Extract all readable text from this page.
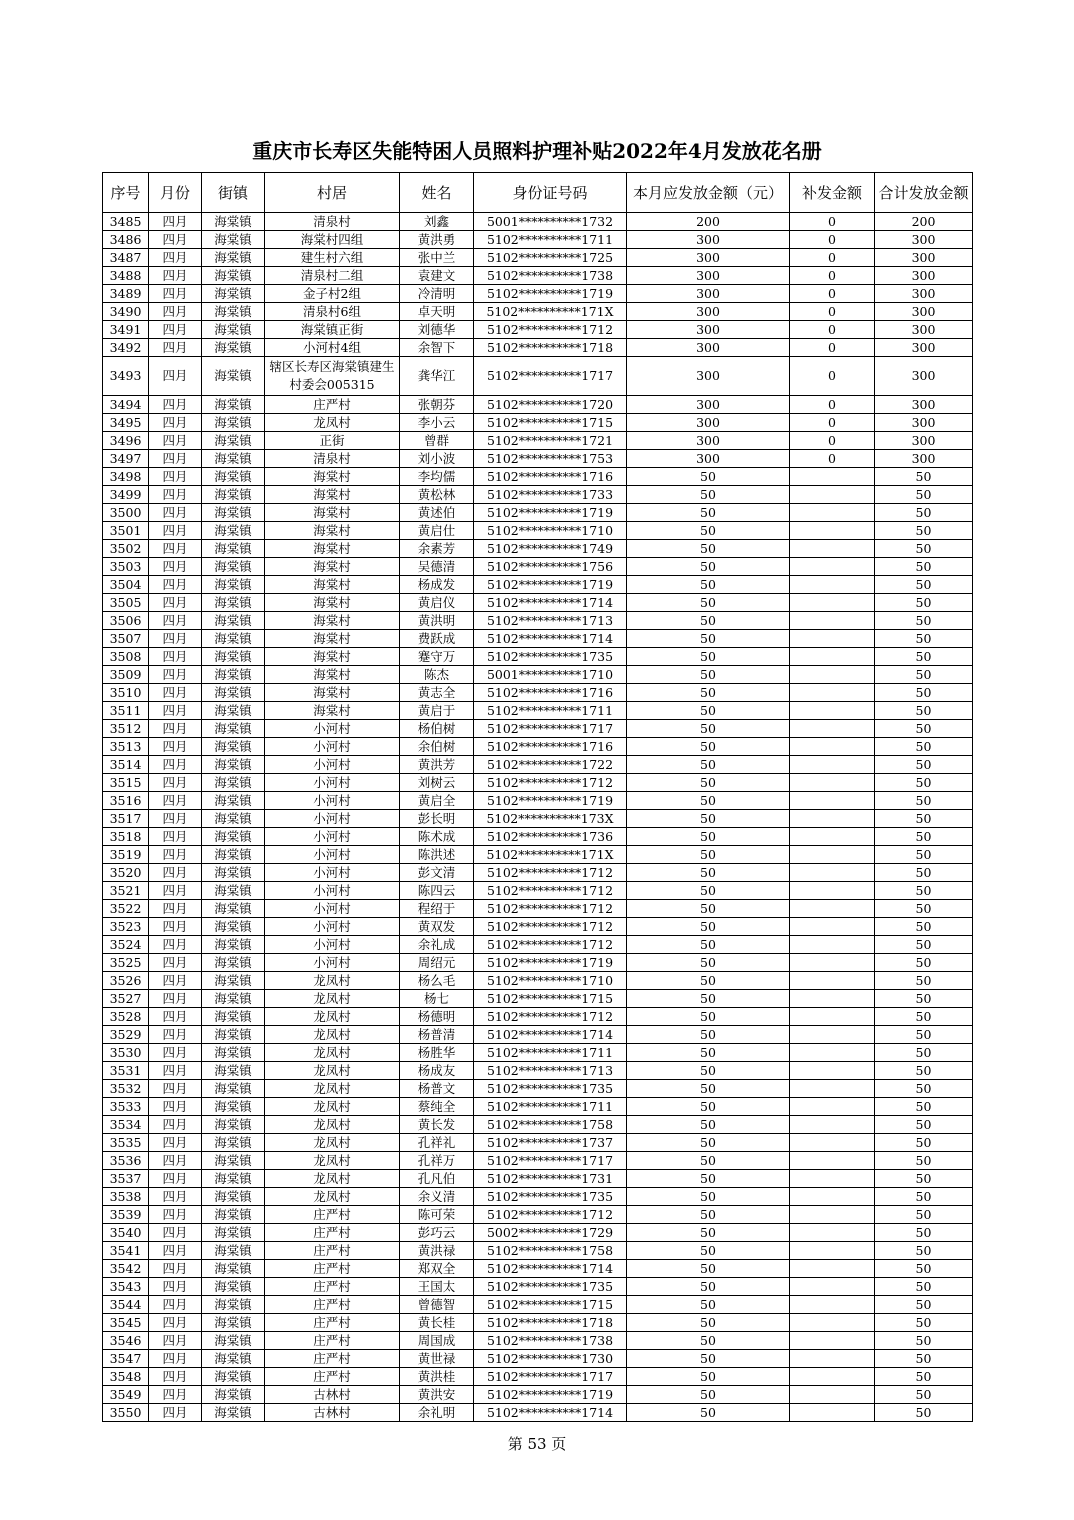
重庆市长寿区失能特困人员照料护理补贴2022年4月发放花名册
序号	月份	街镇	村居	姓名	身份证号码	本月应发放金额（元）	补发金额	合计发放金额
3485	四月	海棠镇	清泉村	刘鑫	5001**********1732	200	0	200
3486	四月	海棠镇	海棠村四组	黄洪勇	5102**********1711	300	0	300
3487	四月	海棠镇	建生村六组	张中兰	5102**********1725	300	0	300
3488	四月	海棠镇	清泉村二组	袁建文	5102**********1738	300	0	300
3489	四月	海棠镇	金子村2组	冷清明	5102**********1719	300	0	300
3490	四月	海棠镇	清泉村6组	卓天明	5102**********171X	300	0	300
3491	四月	海棠镇	海棠镇正街	刘德华	5102**********1712	300	0	300
3492	四月	海棠镇	小河村4组	余智下	5102**********1718	300	0	300
3493	四月	海棠镇	辖区长寿区海棠镇建生村委会005315	龚华江	5102**********1717	300	0	300
3494	四月	海棠镇	庄严村	张朝芬	5102**********1720	300	0	300
3495	四月	海棠镇	龙凤村	李小云	5102**********1715	300	0	300
3496	四月	海棠镇	正街	曾群	5102**********1721	300	0	300
3497	四月	海棠镇	清泉村	刘小波	5102**********1753	300	0	300
3498	四月	海棠镇	海棠村	李均儒	5102**********1716	50		50
3499	四月	海棠镇	海棠村	黄松林	5102**********1733	50		50
3500	四月	海棠镇	海棠村	黄述伯	5102**********1719	50		50
3501	四月	海棠镇	海棠村	黄启仕	5102**********1710	50		50
3502	四月	海棠镇	海棠村	余素芳	5102**********1749	50		50
3503	四月	海棠镇	海棠村	吴德清	5102**********1756	50		50
3504	四月	海棠镇	海棠村	杨成发	5102**********1719	50		50
3505	四月	海棠镇	海棠村	黄启仪	5102**********1714	50		50
3506	四月	海棠镇	海棠村	黄洪明	5102**********1713	50		50
3507	四月	海棠镇	海棠村	费跃成	5102**********1714	50		50
3508	四月	海棠镇	海棠村	蹇守万	5102**********1735	50		50
3509	四月	海棠镇	海棠村	陈杰	5001**********1710	50		50
3510	四月	海棠镇	海棠村	黄志全	5102**********1716	50		50
3511	四月	海棠镇	海棠村	黄启于	5102**********1711	50		50
3512	四月	海棠镇	小河村	杨伯树	5102**********1717	50		50
3513	四月	海棠镇	小河村	余伯树	5102**********1716	50		50
3514	四月	海棠镇	小河村	黄洪芳	5102**********1722	50		50
3515	四月	海棠镇	小河村	刘树云	5102**********1712	50		50
3516	四月	海棠镇	小河村	黄启全	5102**********1719	50		50
3517	四月	海棠镇	小河村	彭长明	5102**********173X	50		50
3518	四月	海棠镇	小河村	陈术成	5102**********1736	50		50
3519	四月	海棠镇	小河村	陈洪述	5102**********171X	50		50
3520	四月	海棠镇	小河村	彭文清	5102**********1712	50		50
3521	四月	海棠镇	小河村	陈四云	5102**********1712	50		50
3522	四月	海棠镇	小河村	程绍于	5102**********1712	50		50
3523	四月	海棠镇	小河村	黄双发	5102**********1712	50		50
3524	四月	海棠镇	小河村	余礼成	5102**********1712	50		50
3525	四月	海棠镇	小河村	周绍元	5102**********1719	50		50
3526	四月	海棠镇	龙凤村	杨么毛	5102**********1710	50		50
3527	四月	海棠镇	龙凤村	杨七	5102**********1715	50		50
3528	四月	海棠镇	龙凤村	杨德明	5102**********1712	50		50
3529	四月	海棠镇	龙凤村	杨普清	5102**********1714	50		50
3530	四月	海棠镇	龙凤村	杨胜华	5102**********1711	50		50
3531	四月	海棠镇	龙凤村	杨成友	5102**********1713	50		50
3532	四月	海棠镇	龙凤村	杨普文	5102**********1735	50		50
3533	四月	海棠镇	龙凤村	蔡纯全	5102**********1711	50		50
3534	四月	海棠镇	龙凤村	黄长发	5102**********1758	50		50
3535	四月	海棠镇	龙凤村	孔祥礼	5102**********1737	50		50
3536	四月	海棠镇	龙凤村	孔祥万	5102**********1717	50		50
3537	四月	海棠镇	龙凤村	孔凡伯	5102**********1731	50		50
3538	四月	海棠镇	龙凤村	余义清	5102**********1735	50		50
3539	四月	海棠镇	庄严村	陈可荣	5102**********1712	50		50
3540	四月	海棠镇	庄严村	彭巧云	5002**********1729	50		50
3541	四月	海棠镇	庄严村	黄洪禄	5102**********1758	50		50
3542	四月	海棠镇	庄严村	郑双全	5102**********1714	50		50
3543	四月	海棠镇	庄严村	王国太	5102**********1735	50		50
3544	四月	海棠镇	庄严村	曾德智	5102**********1715	50		50
3545	四月	海棠镇	庄严村	黄长桂	5102**********1718	50		50
3546	四月	海棠镇	庄严村	周国成	5102**********1738	50		50
3547	四月	海棠镇	庄严村	黄世禄	5102**********1730	50		50
3548	四月	海棠镇	庄严村	黄洪桂	5102**********1717	50		50
3549	四月	海棠镇	古林村	黄洪安	5102**********1719	50		50
3550	四月	海棠镇	古林村	余礼明	5102**********1714	50		50
第 53 页
